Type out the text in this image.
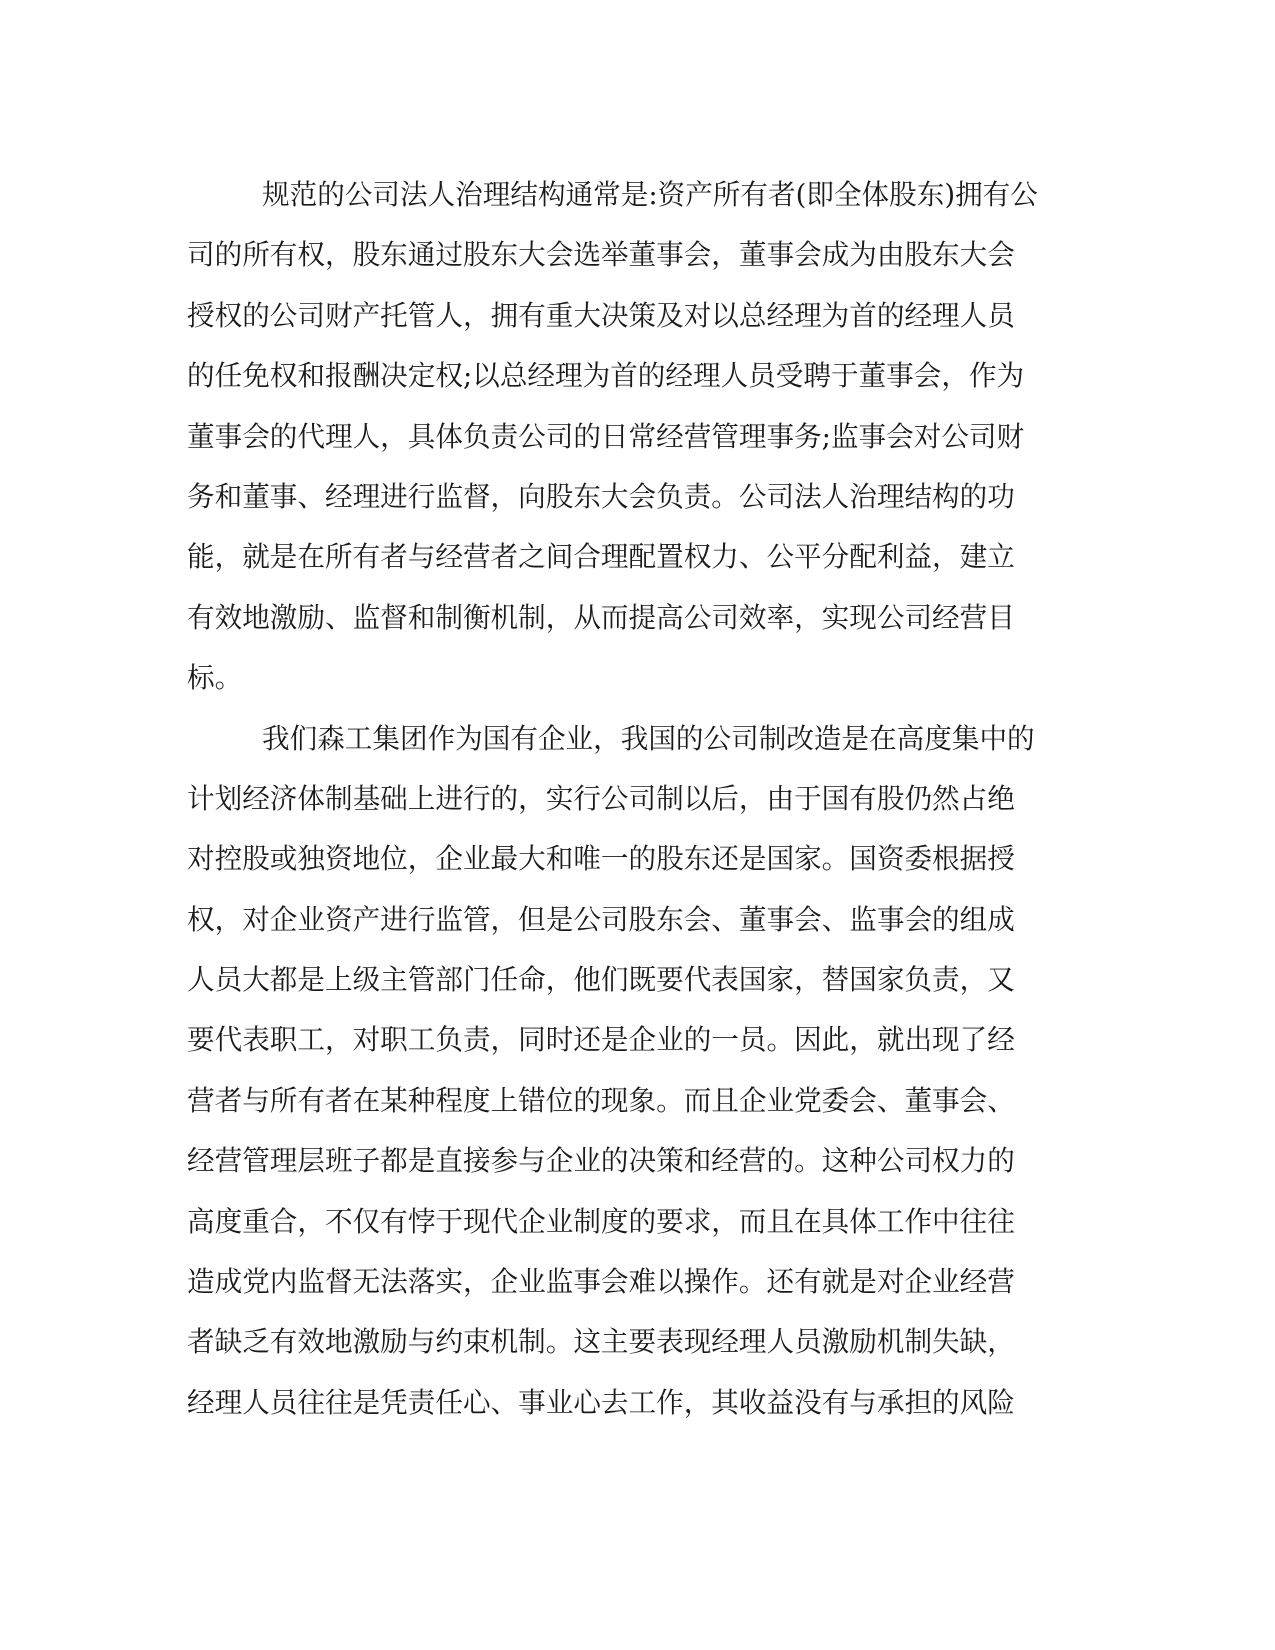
规范的公司法人治理结构通常是:资产所有者(即全体股东)拥有公
司的所有权，股东通过股东大会选举董事会，董事会成为由股东大会
授权的公司财产托管人，拥有重大决策及对以总经理为首的经理人员
的任免权和报酬决定权;以总经理为首的经理人员受聘于董事会，作为
董事会的代理人，具体负责公司的日常经营管理事务;监事会对公司财
务和董事、经理进行监督，向股东大会负责。公司法人治理结构的功
能，就是在所有者与经营者之间合理配置权力、公平分配利益，建立
有效地激励、监督和制衡机制，从而提高公司效率，实现公司经营目
标。
我们森工集团作为国有企业，我国的公司制改造是在高度集中的
计划经济体制基础上进行的，实行公司制以后，由于国有股仍然占绝
对控股或独资地位，企业最大和唯一的股东还是国家。国资委根据授
权，对企业资产进行监管，但是公司股东会、董事会、监事会的组成
人员大都是上级主管部门任命，他们既要代表国家，替国家负责，又
要代表职工，对职工负责，同时还是企业的一员。因此，就出现了经
营者与所有者在某种程度上错位的现象。而且企业党委会、董事会、
经营管理层班子都是直接参与企业的决策和经营的。这种公司权力的
高度重合，不仅有悖于现代企业制度的要求，而且在具体工作中往往
造成党内监督无法落实，企业监事会难以操作。还有就是对企业经营
者缺乏有效地激励与约束机制。这主要表现经理人员激励机制失缺，
经理人员往往是凭责任心、事业心去工作，其收益没有与承担的风险
